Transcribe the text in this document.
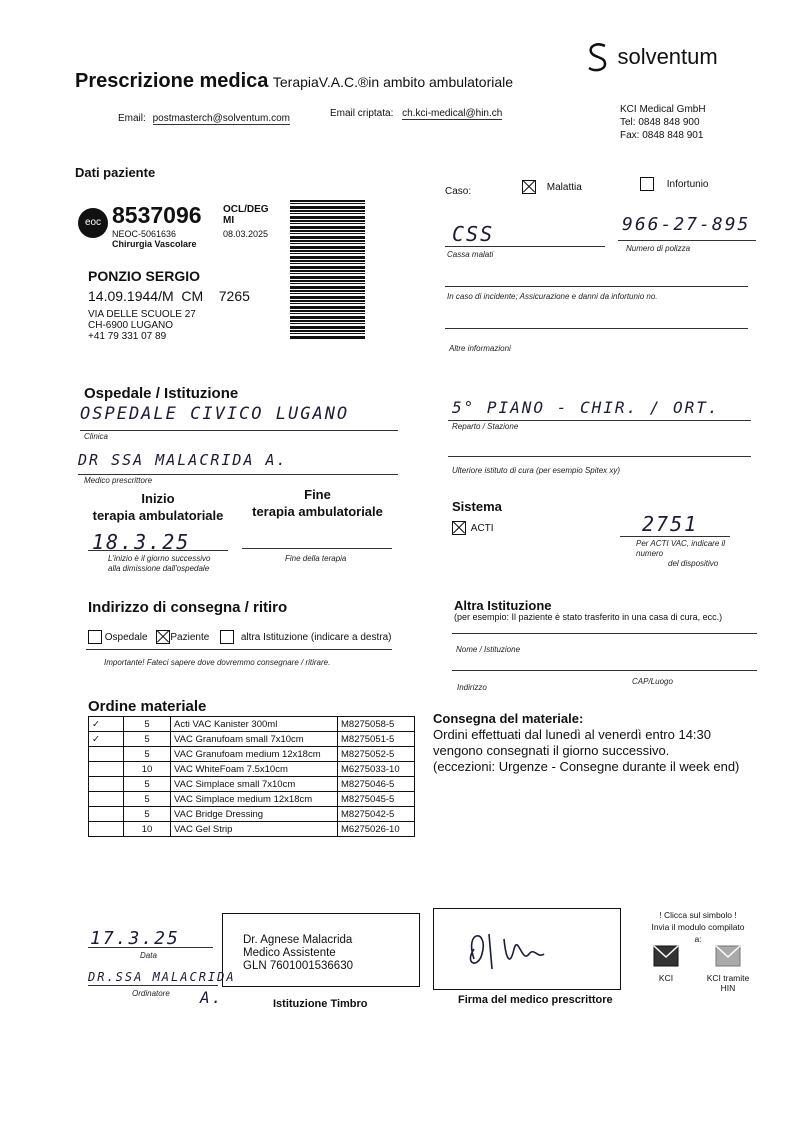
solventum
Prescrizione medica TerapiaV.A.C.®in ambito ambulatoriale
Email: postmasterch@solventum.com	Email criptata: ch.kci-medical@hin.ch	KCI Medical GmbH
Tel: 0848 848 900
Fax: 0848 848 901
Dati paziente
eoc 8537096 OCL/DEG
MI
NEOC-5061636	08.03.2025
Chirurgia Vascolare
PONZIO SERGIO
14.09.1944/M CM 7265
VIA DELLE SCUOLE 27
CH-6900 LUGANO
+41 79 331 07 89
Caso:	Malattia	Infortunio
CSS
Cassa malati
966-27-895
Numero di polizza
In caso di incidente; Assicurazione e danni da infortunio no.
Altre informazioni
Ospedale / Istituzione
OSPEDALE CIVICO LUGANO
Clinica
DR SSA MALACRIDA A.
Medico prescrittore
5° PIANO - CHIR. / ORT.
Reparto / Stazione
Ulteriore istituto di cura (per esempio Spitex xy)
Inizio
terapia ambulatoriale
Fine
terapia ambulatoriale
18.3.25
L'inizio è il giorno successivo
alla dimissione dall'ospedale
Fine della terapia
Sistema
ACTI	2751
Per ACTI VAC, indicare il
numero
del dispositivo
Indirizzo di consegna / ritiro
Ospedale Paziente	altra Istituzione (indicare a destra)
Importante! Fateci sapere dove dovremmo consegnare / ritirare.
Altra Istituzione
(per esempio: Il paziente è stato trasferito in una casa di cura, ecc.)
Nome / Istituzione
Indirizzo
CAP/Luogo
Ordine materiale
✓	5	Acti VAC Kanister 300ml	M8275058-5
✓	5	VAC Granufoam small 7x10cm	M8275051-5
	5	VAC Granufoam medium 12x18cm	M8275052-5
	10	VAC WhiteFoam 7.5x10cm	M6275033-10
	5	VAC Simplace small 7x10cm	M8275046-5
	5	VAC Simplace medium 12x18cm	M8275045-5
	5	VAC Bridge Dressing	M8275042-5
	10	VAC Gel Strip	M6275026-10
Consegna del materiale:
Ordini effettuati dal lunedì al venerdì entro 14:30
vengono consegnati il giorno successivo.
(eccezioni: Urgenze - Consegne durante il week end)
17.3.25
Data
DR.SSA MALACRIDA
A.
Ordinatore
Dr. Agnese Malacrida
Medico Assistente
GLN 7601001536630
Istituzione Timbro	Firma del medico prescrittore
! Clicca sul simbolo !
Invia il modulo compilato a:
KCI	KCI tramite HIN
